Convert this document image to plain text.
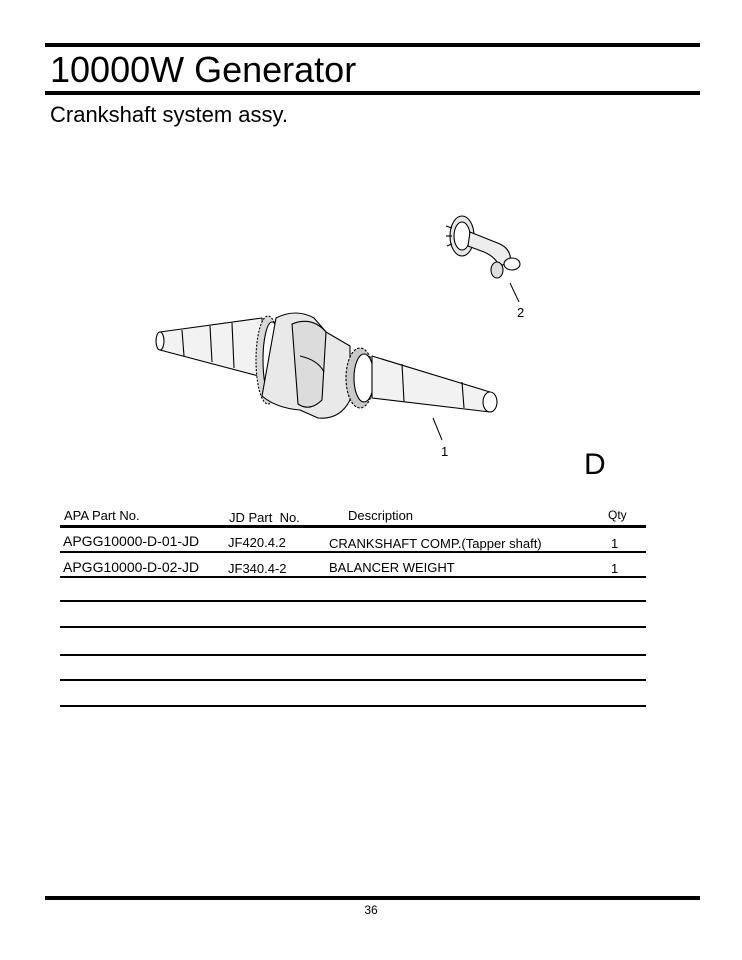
10000W Generator
Crankshaft system assy.
2
1	D
APA Part No.	JD Part  No.	Description	Qty
APGG10000-D-01-JD JF420.4.2	CRANKSHAFT COMP.(Tapper shaft)	1
APGG10000-D-02-JD JF340.4-2	BALANCER WEIGHT	1
36
